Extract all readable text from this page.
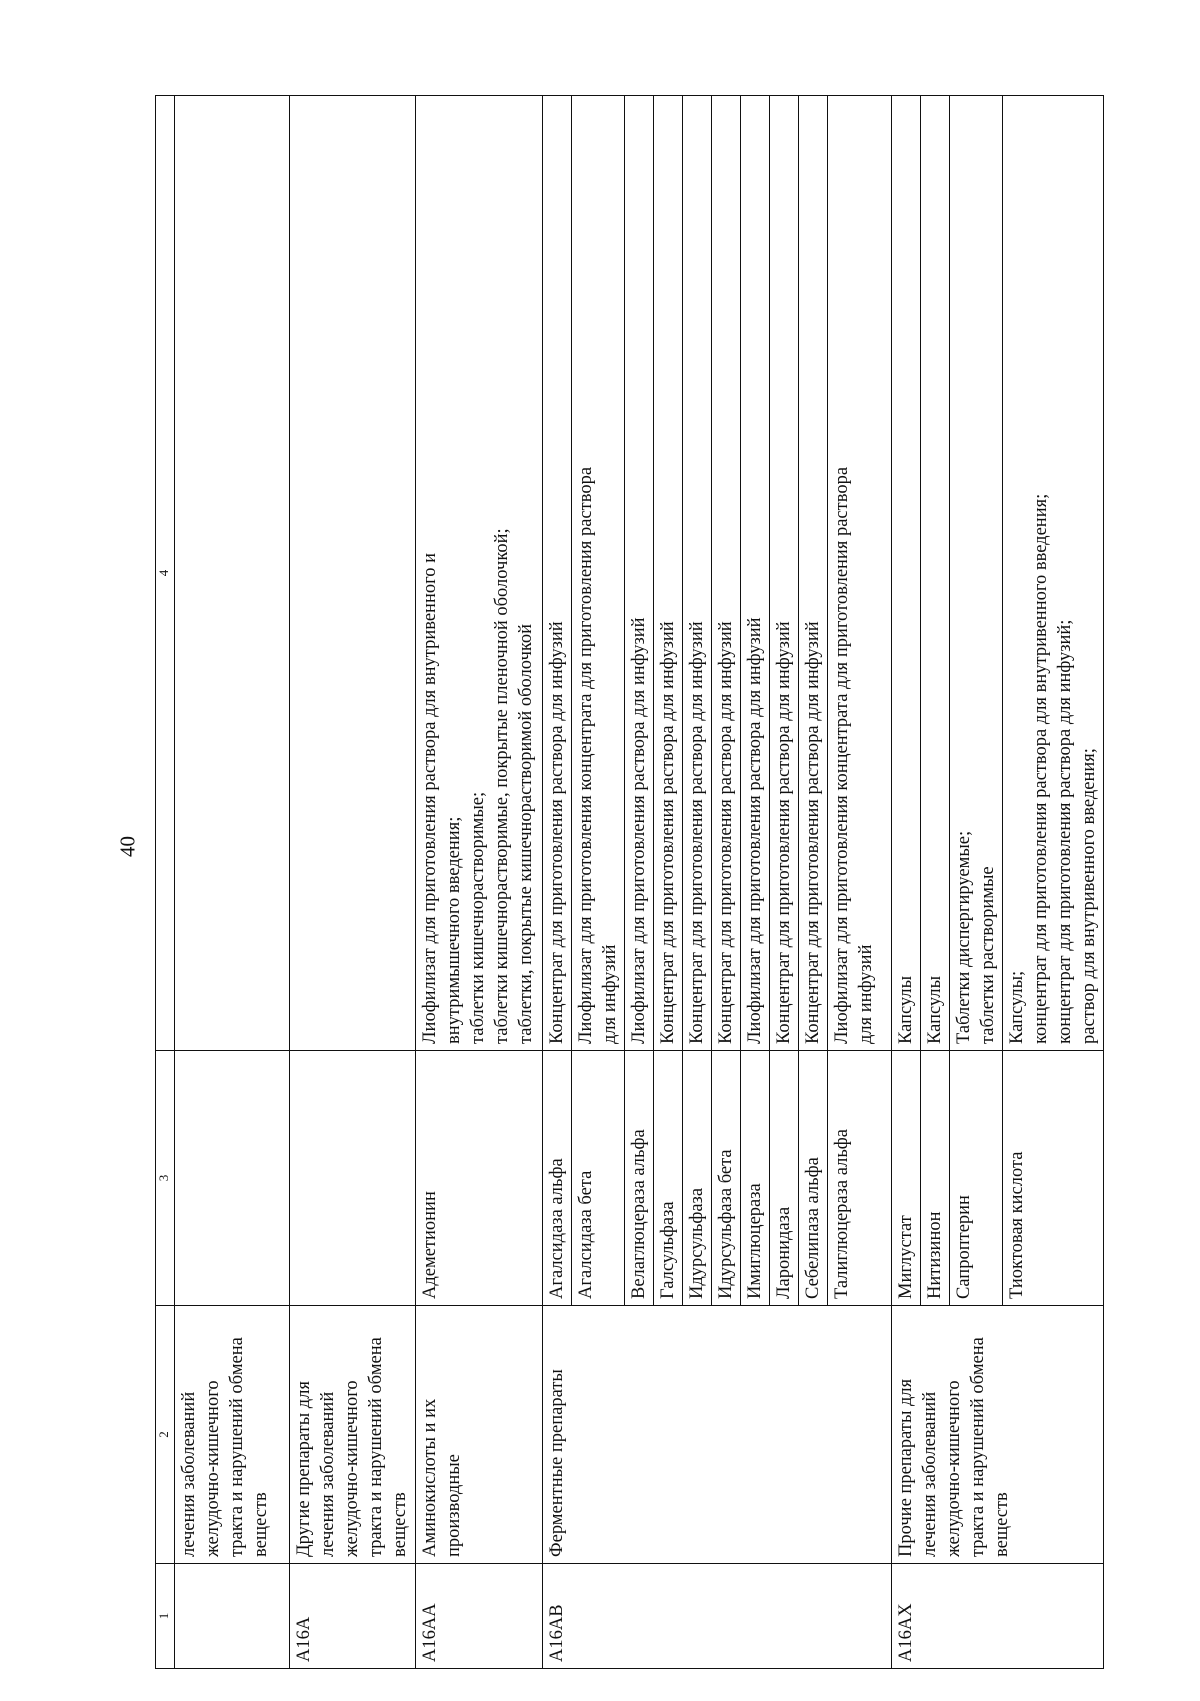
40
1	2	3	4
	лечения заболеваний
желудочно-кишечного
тракта и нарушений обмена
веществ		
A16A	Другие препараты для
лечения заболеваний
желудочно-кишечного
тракта и нарушений обмена
веществ		
A16AA	Аминокислоты и их
производные	Адеметионин	Лиофилизат для приготовления раствора для внутривенного и
внутримышечного введения;
таблетки кишечнорастворимые;
таблетки кишечнорастворимые, покрытые пленочной оболочкой;
таблетки, покрытые кишечнорастворимой оболочкой
A16AB	Ферментные препараты	Агалсидаза альфа	Концентрат для приготовления раствора для инфузий
		Агалсидаза бета	Лиофилизат для приготовления концентрата для приготовления раствора
для инфузий
		Велаглюцераза альфа	Лиофилизат для приготовления раствора для инфузий
		Галсульфаза	Концентрат для приготовления раствора для инфузий
		Идурсульфаза	Концентрат для приготовления раствора для инфузий
		Идурсульфаза бета	Концентрат для приготовления раствора для инфузий
		Имиглюцераза	Лиофилизат для приготовления раствора для инфузий
		Ларонидаза	Концентрат для приготовления раствора для инфузий
		Себелипаза альфа	Концентрат для приготовления раствора для инфузий
		Талиглюцераза альфа	Лиофилизат для приготовления концентрата для приготовления раствора
для инфузий
A16AX	Прочие препараты для
лечения заболеваний
желудочно-кишечного
тракта и нарушений обмена
веществ	Миглустат	Капсулы
		Нитизинон	Капсулы
		Сапроптерин	Таблетки диспергируемые;
таблетки растворимые
		Тиоктовая кислота	Капсулы;
концентрат для приготовления раствора для внутривенного введения;
концентрат для приготовления раствора для инфузий;
раствор для внутривенного введения;
